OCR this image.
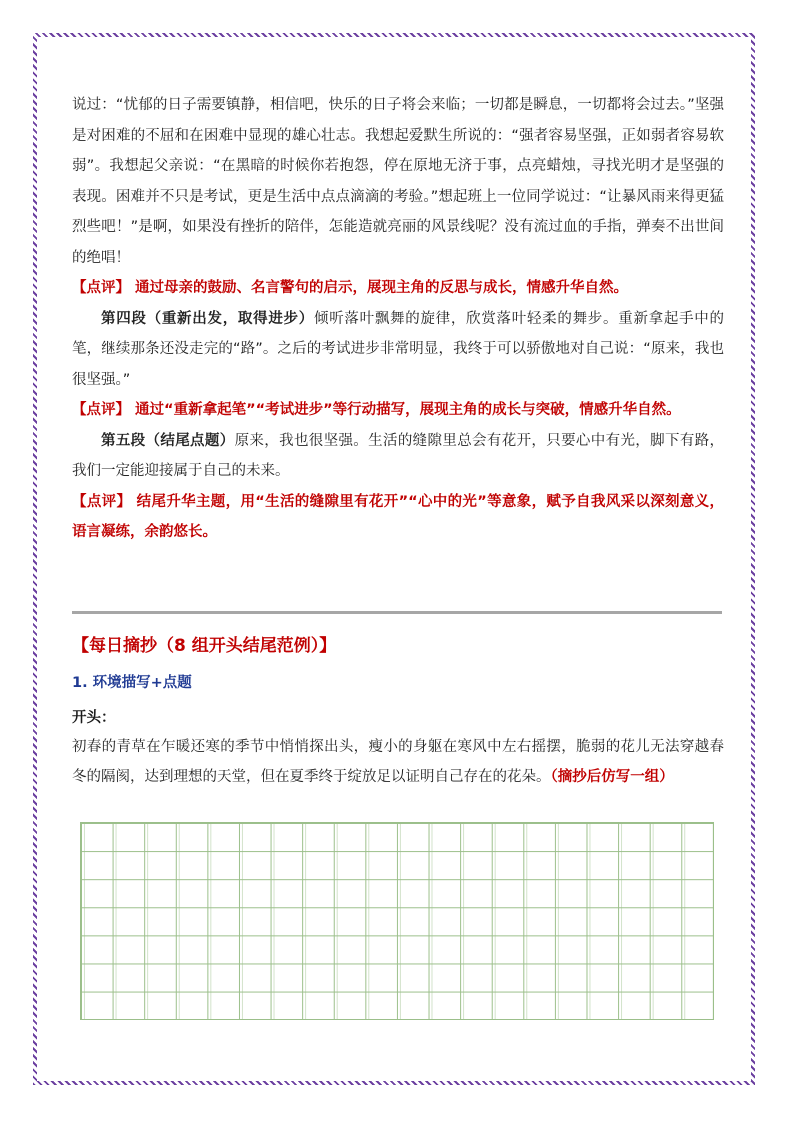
说过：“忧郁的日子需要镇静，相信吧，快乐的日子将会来临；一切都是瞬息，一切都将会过去。”坚强是对困难的不屈和在困难中显现的雄心壮志。我想起爱默生所说的：“强者容易坚强，正如弱者容易软弱”。我想起父亲说：“在黑暗的时候你若抱怨，停在原地无济于事，点亮蜡烛，寻找光明才是坚强的表现。困难并不只是考试，更是生活中点点滴滴的考验。”想起班上一位同学说过：“让暴风雨来得更猛烈些吧！”是啊，如果没有挫折的陪伴，怎能造就亮丽的风景线呢？没有流过血的手指，弹奏不出世间的绝唱！

【点评】 通过母亲的鼓励、名言警句的启示，展现主角的反思与成长，情感升华自然。

第四段（重新出发，取得进步）倾听落叶飘舞的旋律，欣赏落叶轻柔的舞步。重新拿起手中的笔，继续那条还没走完的“路”。之后的考试进步非常明显，我终于可以骄傲地对自己说：“原来，我也很坚强。”

【点评】 通过“重新拿起笔”“考试进步”等行动描写，展现主角的成长与突破，情感升华自然。

第五段（结尾点题）原来，我也很坚强。生活的缝隙里总会有花开，只要心中有光，脚下有路，我们一定能迎接属于自己的未来。

【点评】 结尾升华主题，用“生活的缝隙里有花开”“心中的光”等意象，赋予自我风采以深刻意义，语言凝练，余韵悠长。

【每日摘抄（8 组开头结尾范例）】
1. 环境描写+点题
开头：
初春的青草在乍暖还寒的季节中悄悄探出头，瘦小的身躯在寒风中左右摇摆，脆弱的花儿无法穿越春冬的隔阂，达到理想的天堂，但在夏季终于绽放足以证明自己存在的花朵。（摘抄后仿写一组）
